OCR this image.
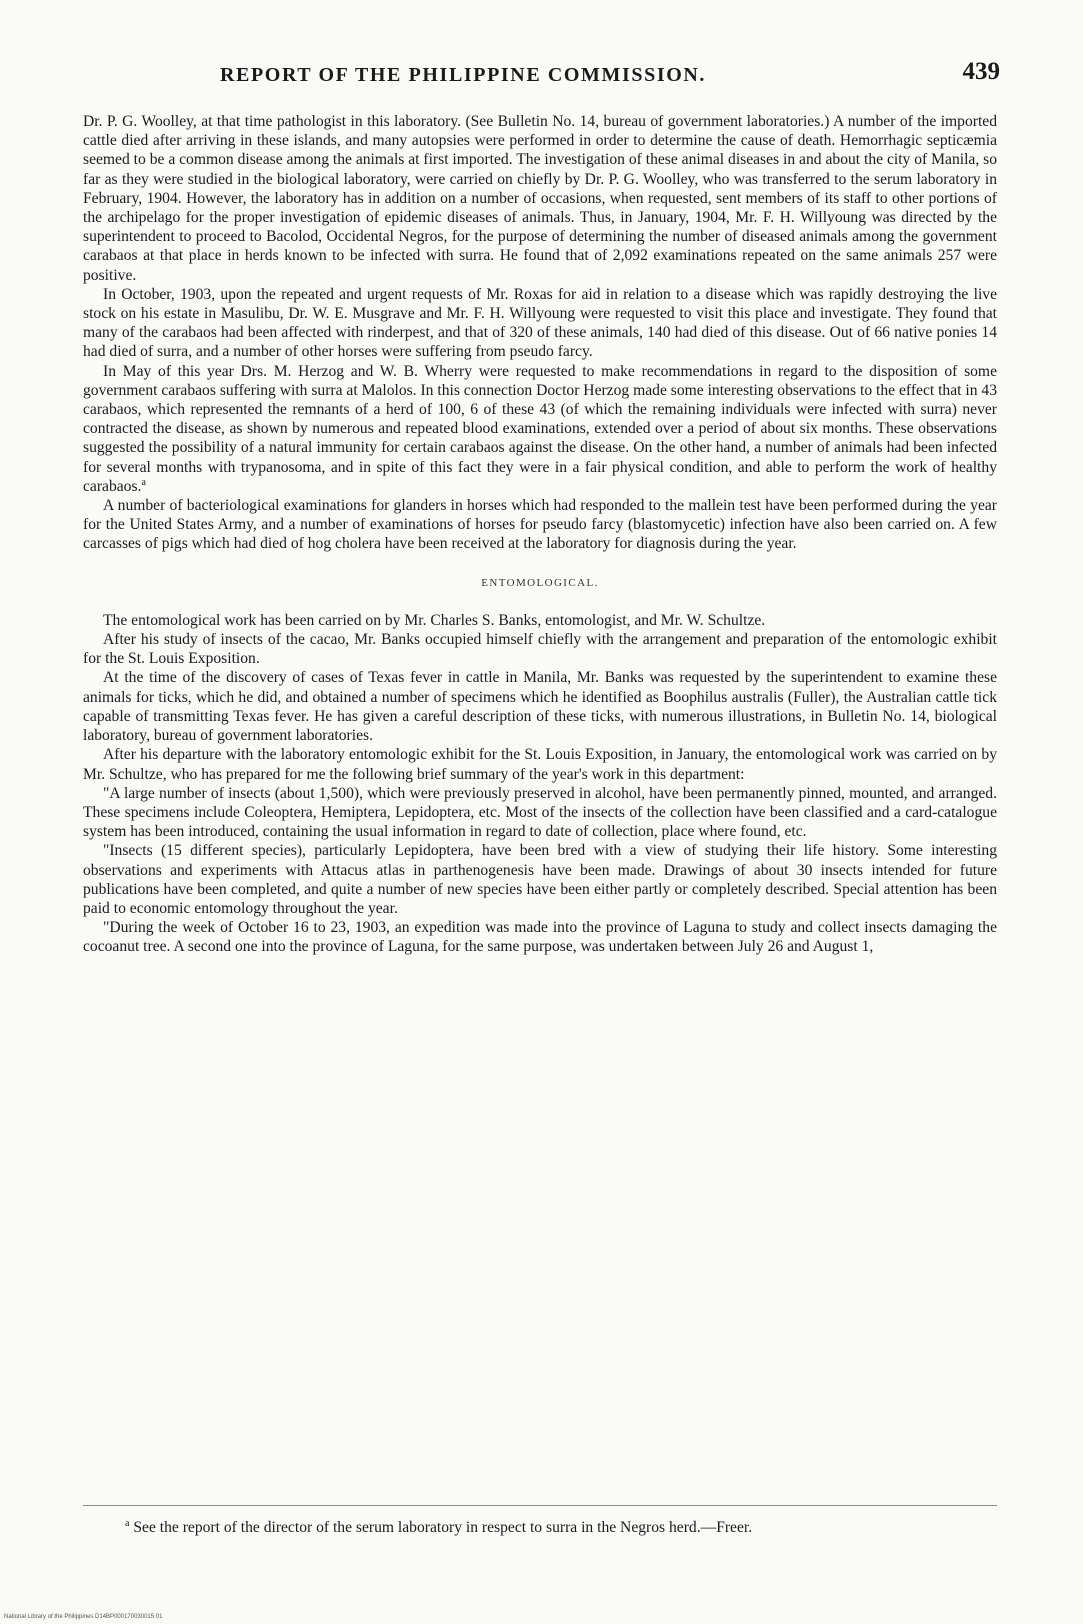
REPORT OF THE PHILIPPINE COMMISSION.	439

Dr. P. G. Woolley, at that time pathologist in this laboratory. (See Bulletin No. 14, bureau of government laboratories.) A number of the imported cattle died after arriving in these islands, and many autopsies were performed in order to determine the cause of death. Hemorrhagic septicæmia seemed to be a common disease among the animals at first imported. The investigation of these animal diseases in and about the city of Manila, so far as they were studied in the biological laboratory, were carried on chiefly by Dr. P. G. Woolley, who was transferred to the serum laboratory in February, 1904. However, the laboratory has in addition on a number of occasions, when requested, sent members of its staff to other portions of the archipelago for the proper investigation of epidemic diseases of animals. Thus, in January, 1904, Mr. F. H. Willyoung was directed by the superintendent to proceed to Bacolod, Occidental Negros, for the purpose of determining the number of diseased animals among the government carabaos at that place in herds known to be infected with surra. He found that of 2,092 examinations repeated on the same animals 257 were positive.

In October, 1903, upon the repeated and urgent requests of Mr. Roxas for aid in relation to a disease which was rapidly destroying the live stock on his estate in Masulibu, Dr. W. E. Musgrave and Mr. F. H. Willyoung were requested to visit this place and investigate. They found that many of the carabaos had been affected with rinderpest, and that of 320 of these animals, 140 had died of this disease. Out of 66 native ponies 14 had died of surra, and a number of other horses were suffering from pseudo farcy.

In May of this year Drs. M. Herzog and W. B. Wherry were requested to make recommendations in regard to the disposition of some government carabaos suffering with surra at Malolos. In this connection Doctor Herzog made some interesting observations to the effect that in 43 carabaos, which represented the remnants of a herd of 100, 6 of these 43 (of which the remaining individuals were infected with surra) never contracted the disease, as shown by numerous and repeated blood examinations, extended over a period of about six months. These observations suggested the possibility of a natural immunity for certain carabaos against the disease. On the other hand, a number of animals had been infected for several months with trypanosoma, and in spite of this fact they were in a fair physical condition, and able to perform the work of healthy carabaos.$^a$

A number of bacteriological examinations for glanders in horses which had responded to the mallein test have been performed during the year for the United States Army, and a number of examinations of horses for pseudo farcy (blastomycetic) infection have also been carried on. A few carcasses of pigs which had died of hog cholera have been received at the laboratory for diagnosis during the year.

ENTOMOLOGICAL.

The entomological work has been carried on by Mr. Charles S. Banks, entomologist, and Mr. W. Schultze.

After his study of insects of the cacao, Mr. Banks occupied himself chiefly with the arrangement and preparation of the entomologic exhibit for the St. Louis Exposition.

At the time of the discovery of cases of Texas fever in cattle in Manila, Mr. Banks was requested by the superintendent to examine these animals for ticks, which he did, and obtained a number of specimens which he identified as Boophilus australis (Fuller), the Australian cattle tick capable of transmitting Texas fever. He has given a careful description of these ticks, with numerous illustrations, in Bulletin No. 14, biological laboratory, bureau of government laboratories.

After his departure with the laboratory entomologic exhibit for the St. Louis Exposition, in January, the entomological work was carried on by Mr. Schultze, who has prepared for me the following brief summary of the year's work in this department:

"A large number of insects (about 1,500), which were previously preserved in alcohol, have been permanently pinned, mounted, and arranged. These specimens include Coleoptera, Hemiptera, Lepidoptera, etc. Most of the insects of the collection have been classified and a card-catalogue system has been introduced, containing the usual information in regard to date of collection, place where found, etc.

"Insects (15 different species), particularly Lepidoptera, have been bred with a view of studying their life history. Some interesting observations and experiments with Attacus atlas in parthenogenesis have been made. Drawings of about 30 insects intended for future publications have been completed, and quite a number of new species have been either partly or completely described. Special attention has been paid to economic entomology throughout the year.

"During the week of October 16 to 23, 1903, an expedition was made into the province of Laguna to study and collect insects damaging the cocoanut tree. A second one into the province of Laguna, for the same purpose, was undertaken between July 26 and August 1,

$^a$ See the report of the director of the serum laboratory in respect to surra in the Negros herd.—Freer.
National Library of the Philippines D14BP000170030015 01
